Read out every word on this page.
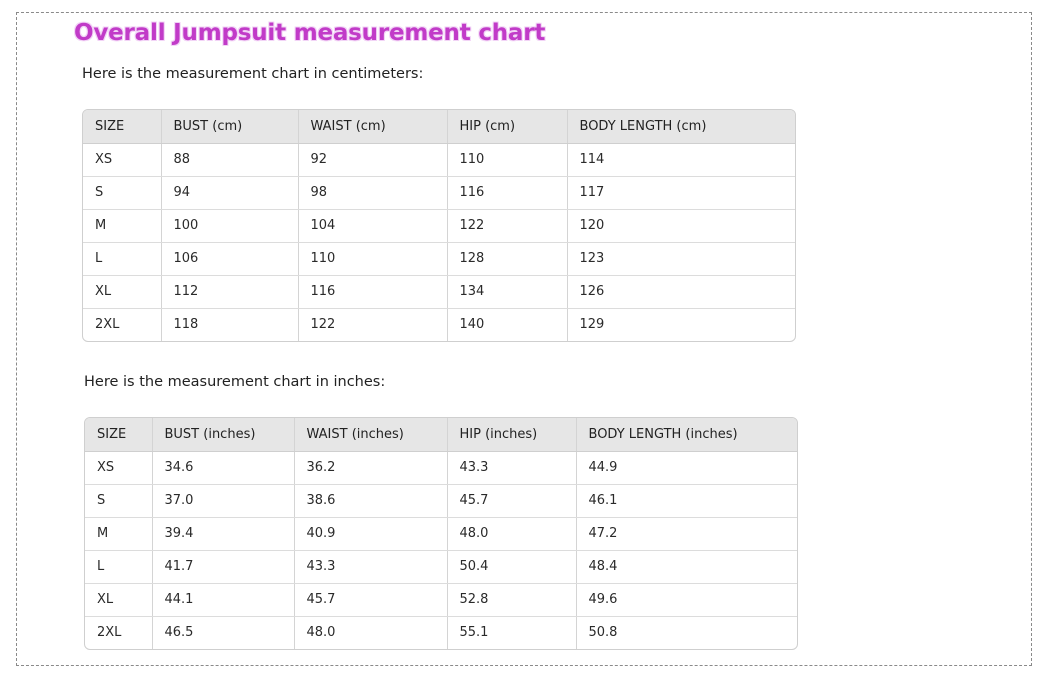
Overall Jumpsuit measurement chart

Here is the measurement chart in centimeters:

SIZE	BUST (cm)	WAIST (cm)	HIP (cm)	BODY LENGTH (cm)
XS	88	92	110	114
S	94	98	116	117
M	100	104	122	120
L	106	110	128	123
XL	112	116	134	126
2XL	118	122	140	129

Here is the measurement chart in inches:

SIZE	BUST (inches)	WAIST (inches)	HIP (inches)	BODY LENGTH (inches)
XS	34.6	36.2	43.3	44.9
S	37.0	38.6	45.7	46.1
M	39.4	40.9	48.0	47.2
L	41.7	43.3	50.4	48.4
XL	44.1	45.7	52.8	49.6
2XL	46.5	48.0	55.1	50.8
